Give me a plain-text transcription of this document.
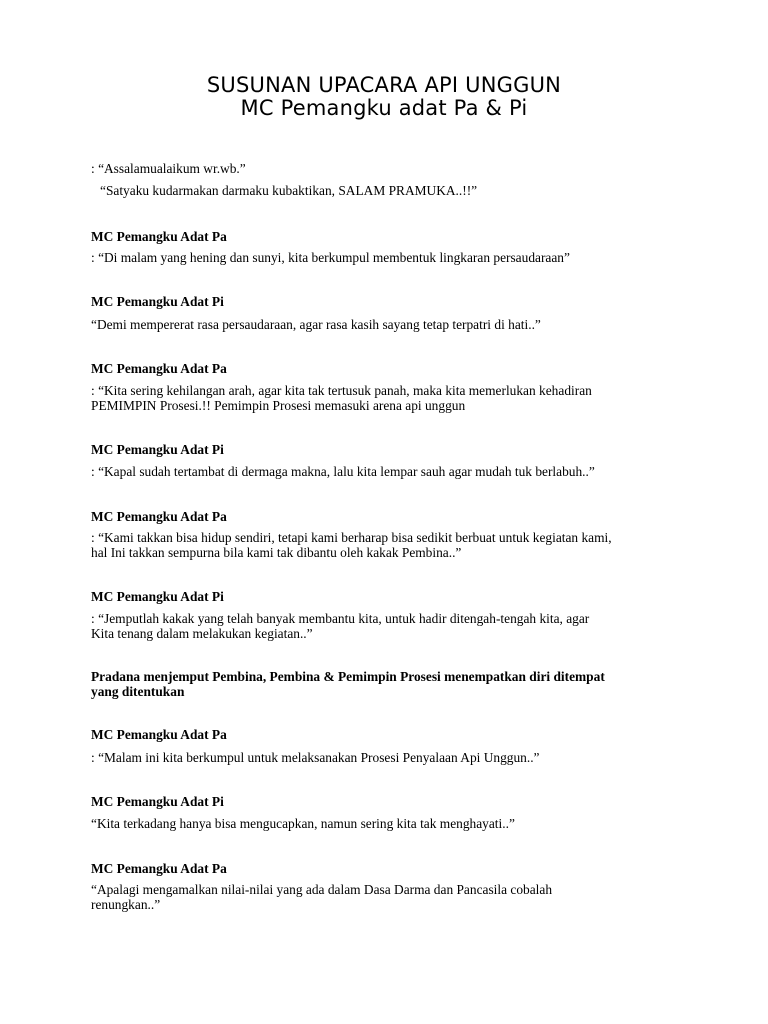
SUSUNAN UPACARA API UNGGUN
MC Pemangku adat Pa & Pi

: “Assalamualaikum wr.wb.”

“Satyaku kudarmakan darmaku kubaktikan, SALAM PRAMUKA..!!”

MC Pemangku Adat Pa

: “Di malam yang hening dan sunyi, kita berkumpul membentuk lingkaran persaudaraan”

MC Pemangku Adat Pi

“Demi mempererat rasa persaudaraan, agar rasa kasih sayang tetap terpatri di hati..”

MC Pemangku Adat Pa

: “Kita sering kehilangan arah, agar kita tak tertusuk panah, maka kita memerlukan kehadiran

PEMIMPIN Prosesi.!! Pemimpin Prosesi memasuki arena api unggun

MC Pemangku Adat Pi

: “Kapal sudah tertambat di dermaga makna, lalu kita lempar sauh agar mudah tuk berlabuh..”

MC Pemangku Adat Pa

: “Kami takkan bisa hidup sendiri, tetapi kami berharap bisa sedikit berbuat untuk kegiatan kami,

hal Ini takkan sempurna bila kami tak dibantu oleh kakak Pembina..”

MC Pemangku Adat Pi

: “Jemputlah kakak yang telah banyak membantu kita, untuk hadir ditengah-tengah kita, agar

Kita tenang dalam melakukan kegiatan..”

Pradana menjemput Pembina, Pembina & Pemimpin Prosesi menempatkan diri ditempat

yang ditentukan

MC Pemangku Adat Pa

: “Malam ini kita berkumpul untuk melaksanakan Prosesi Penyalaan Api Unggun..”

MC Pemangku Adat Pi

“Kita terkadang hanya bisa mengucapkan, namun sering kita tak menghayati..”

MC Pemangku Adat Pa

“Apalagi mengamalkan nilai-nilai yang ada dalam Dasa Darma dan Pancasila cobalah

renungkan..”
